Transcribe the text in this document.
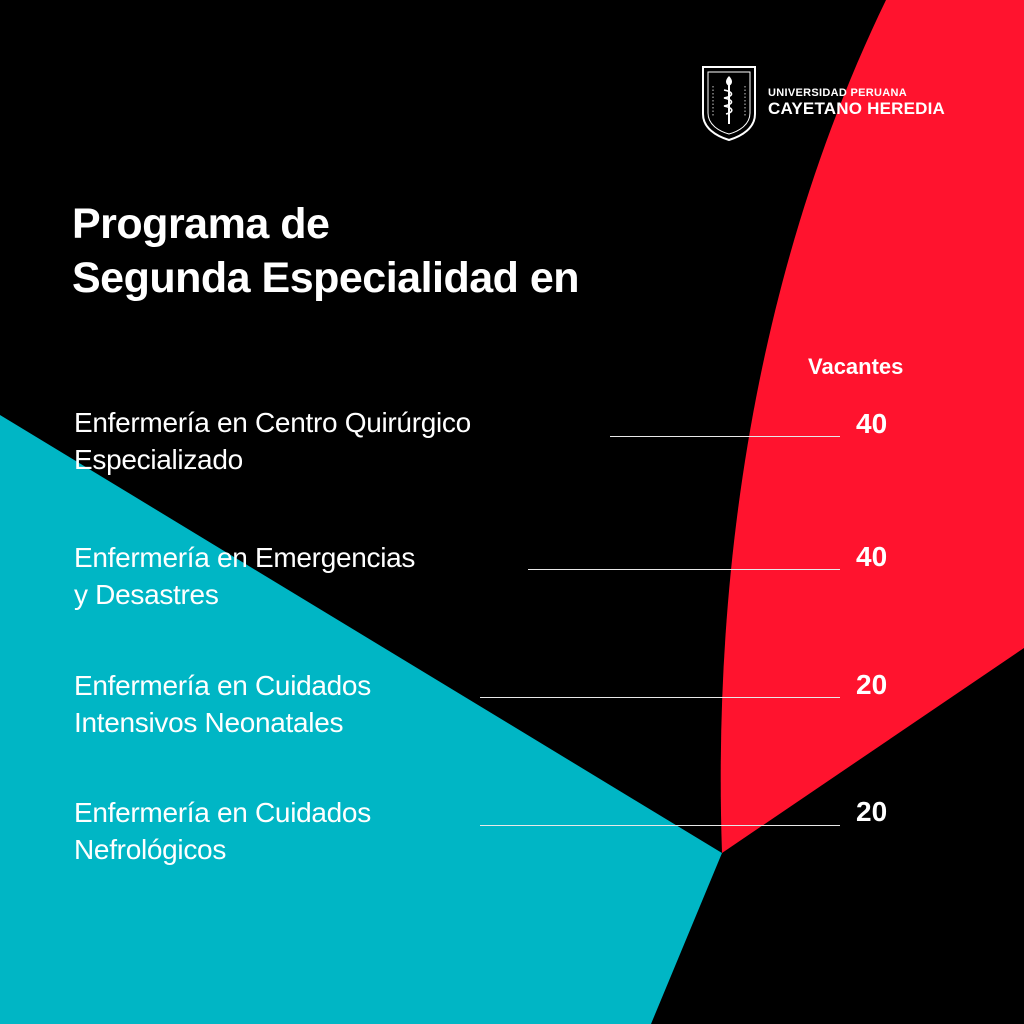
UNIVERSIDAD PERUANA
CAYETANO HEREDIA
Programa de
Segunda Especialidad en
Vacantes
Enfermería en Centro Quirúrgico
Especializado
40
Enfermería en Emergencias
y Desastres
40
Enfermería en Cuidados
Intensivos Neonatales
20
Enfermería en Cuidados
Nefrológicos
20
